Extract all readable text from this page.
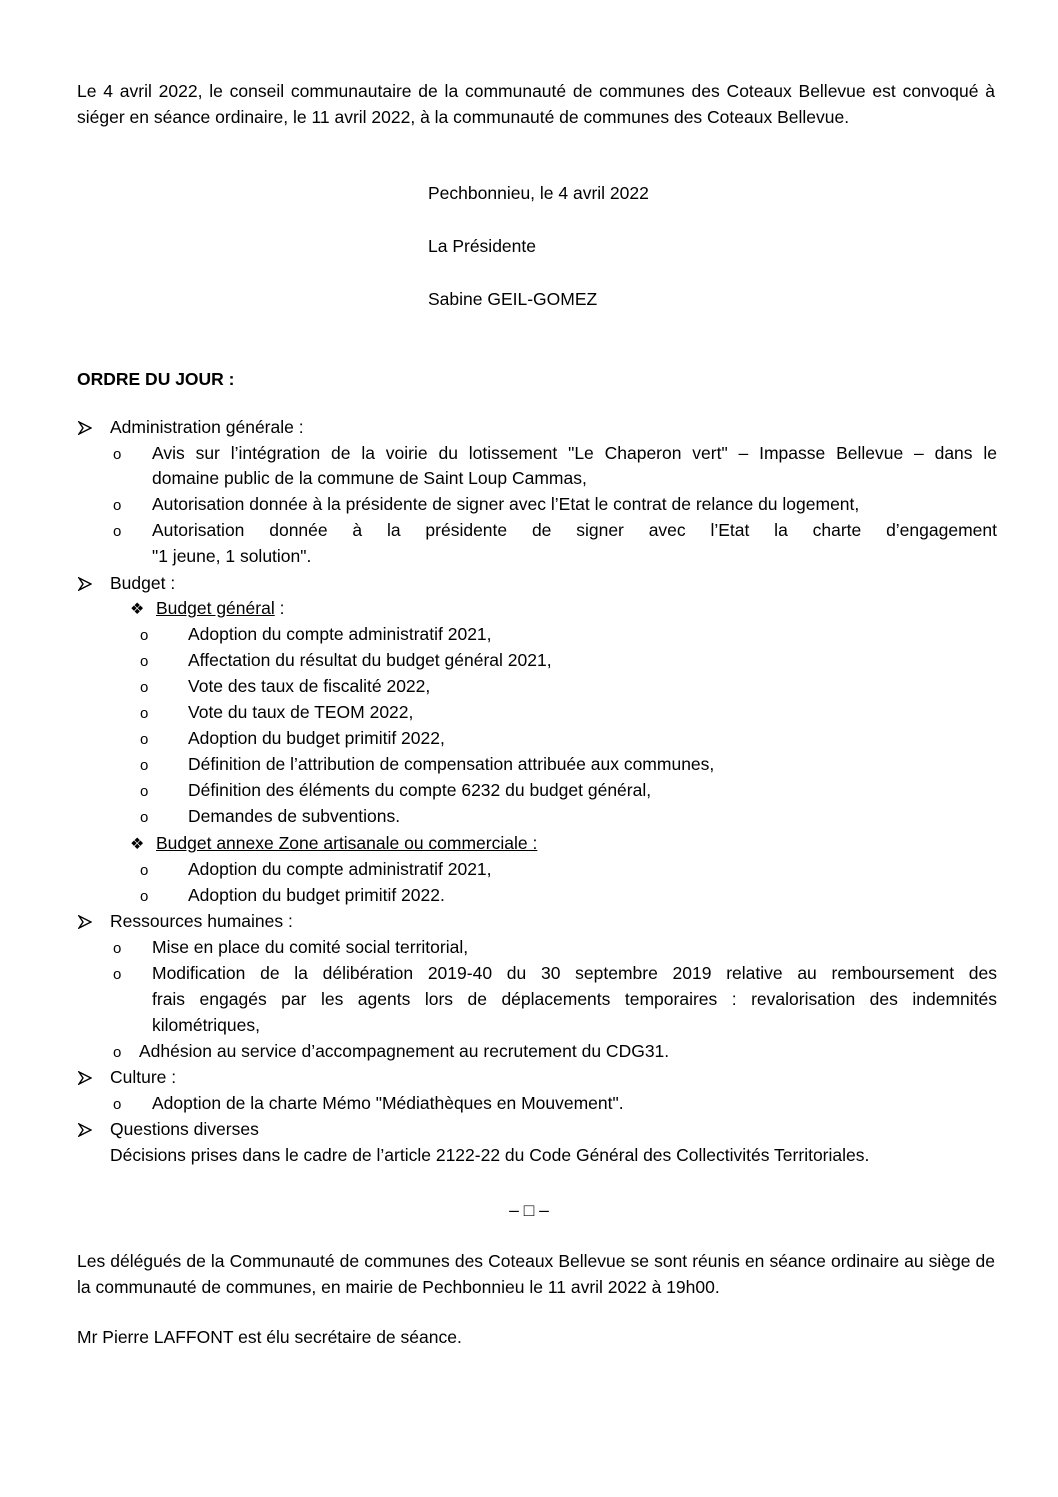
Le 4 avril 2022, le conseil communautaire de la communauté de communes des Coteaux Bellevue est convoqué à siéger en séance ordinaire, le 11 avril 2022, à la communauté de communes des Coteaux Bellevue.

Pechbonnieu, le 4 avril 2022
La Présidente
Sabine GEIL-GOMEZ
ORDRE DU JOUR :
Administration générale :
o Avis sur l’intégration de la voirie du lotissement "Le Chaperon vert" – Impasse Bellevue – dans le
domaine public de la commune de Saint Loup Cammas,
o Autorisation donnée à la présidente de signer avec l’Etat le contrat de relance du logement,
o Autorisation donnée à la présidente de signer avec l’Etat la charte d’engagement
"1 jeune, 1 solution".
Budget :
❖ Budget général :
o Adoption du compte administratif 2021,
o Affectation du résultat du budget général 2021,
o Vote des taux de fiscalité 2022,
o Vote du taux de TEOM 2022,
o Adoption du budget primitif 2022,
o Définition de l’attribution de compensation attribuée aux communes,
o Définition des éléments du compte 6232 du budget général,
o Demandes de subventions.
❖ Budget annexe Zone artisanale ou commerciale :
o Adoption du compte administratif 2021,
o Adoption du budget primitif 2022.
Ressources humaines :
o Mise en place du comité social territorial,
o Modification de la délibération 2019-40 du 30 septembre 2019 relative au remboursement des
frais engagés par les agents lors de déplacements temporaires : revalorisation des indemnités
kilométriques,
o Adhésion au service d’accompagnement au recrutement du CDG31.
Culture :
o Adoption de la charte Mémo "Médiathèques en Mouvement".
Questions diverses
Décisions prises dans le cadre de l’article 2122-22 du Code Général des Collectivités Territoriales.
– □ –

Les délégués de la Communauté de communes des Coteaux Bellevue se sont réunis en séance ordinaire au siège de la communauté de communes, en mairie de Pechbonnieu le 11 avril 2022 à 19h00.

Mr Pierre LAFFONT est élu secrétaire de séance.
